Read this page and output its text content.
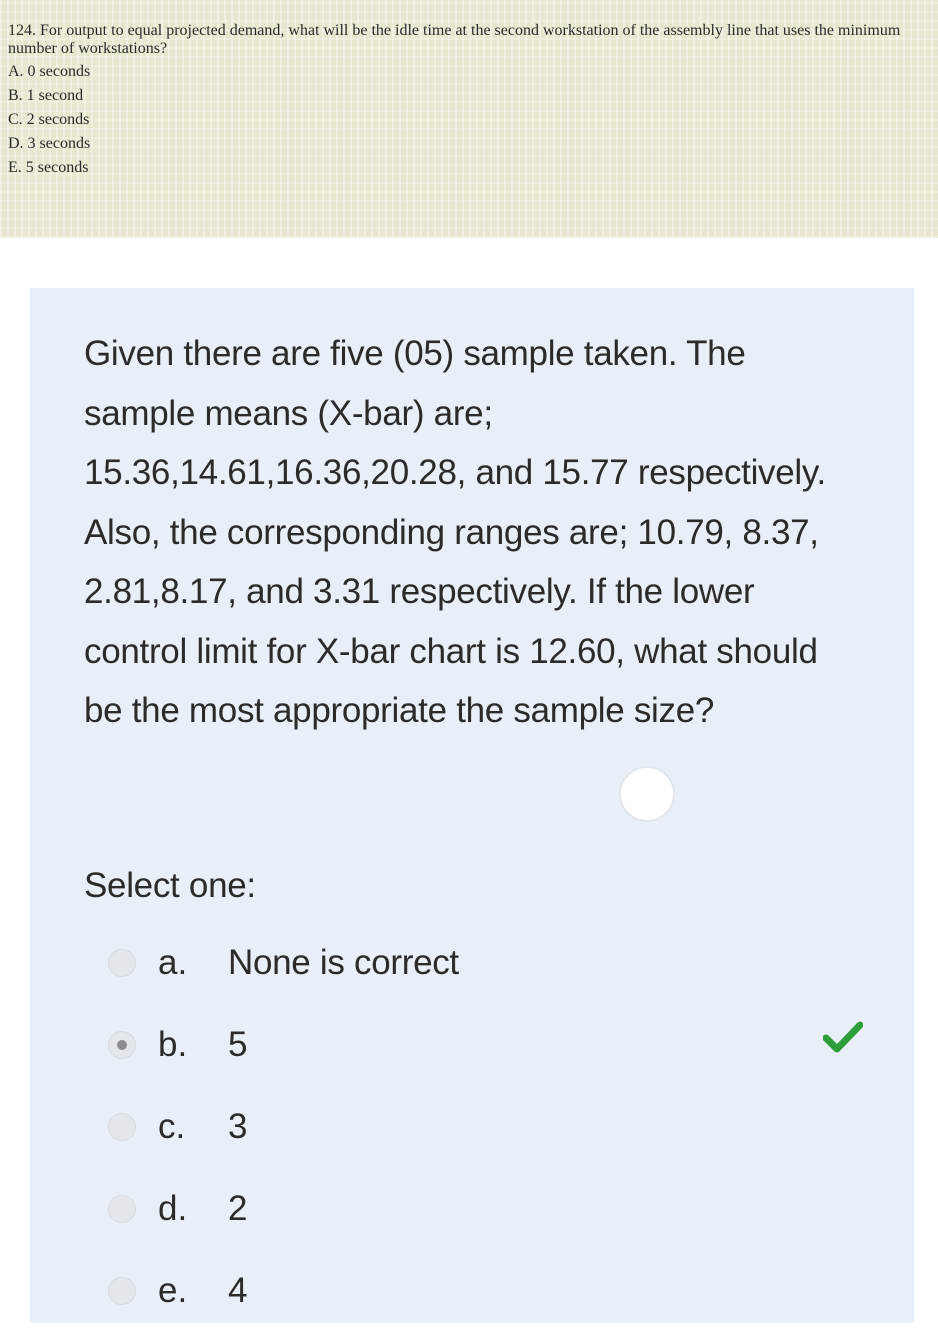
124. For output to equal projected demand, what will be the idle time at the second workstation of the assembly line that uses the minimum number of workstations?

A. 0 seconds
B. 1 second
C. 2 seconds
D. 3 seconds
E. 5 seconds

Given there are five (05) sample taken. The sample means (X-bar) are; 15.36,14.61,16.36,20.28, and 15.77 respectively. Also, the corresponding ranges are; 10.79, 8.37, 2.81,8.17, and 3.31 respectively. If the lower control limit for X-bar chart is 12.60, what should be the most appropriate the sample size?

Select one:

a.	None is correct
b.	5
c.	3
d.	2
e.	4
